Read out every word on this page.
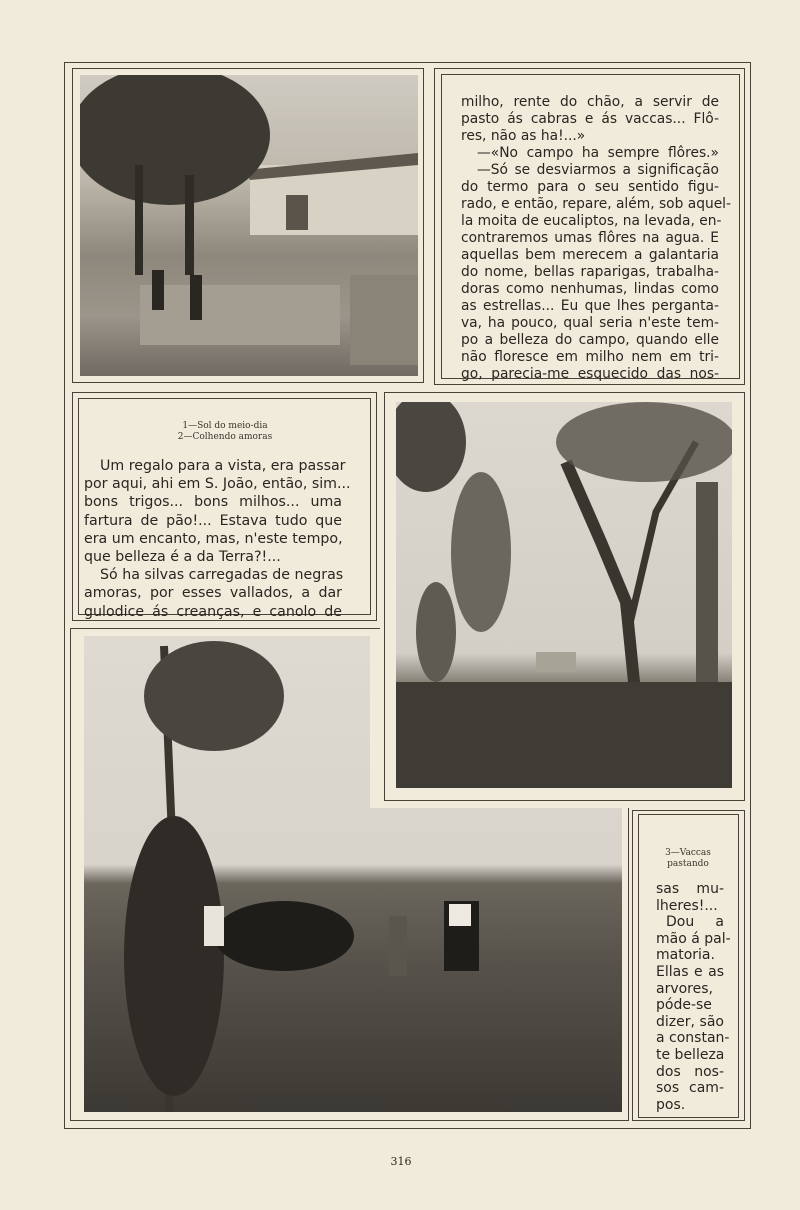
milho, rente do chão, a servir de
pasto ás cabras e ás vaccas... Flô-
res, não as ha!...»
—«No campo ha sempre flôres.»
—Só se desviarmos a significação
do termo para o seu sentido figu-
rado, e então, repare, além, sob aquel-
la moita de eucaliptos, na levada, en-
contraremos umas flôres na agua. E
aquellas bem merecem a galantaria
do nome, bellas raparigas, trabalha-
doras como nenhumas, lindas como
as estrellas... Eu que lhes perganta-
va, ha pouco, qual seria n'este tem-
po a belleza do campo, quando elle
não floresce em milho nem em tri-
go, parecia-me esquecido das nos-
1—Sol do meio-dia
2—Colhendo amoras
Um regalo para a vista, era passar
por aqui, ahi em S. João, então, sim...
bons trigos... bons milhos... uma
fartura de pão!... Estava tudo que
era um encanto, mas, n'este tempo,
que belleza é a da Terra?!...
Só ha silvas carregadas de negras
amoras, por esses vallados, a dar
gulodice ás creanças, e canolo de
3—Vaccas
pastando
sas mu-
lheres!...
Dou a
mão á pal-
matoria.
Ellas e as
arvores,
póde-se
dizer, são
a constan-
te belleza
dos nos-
sos cam-
pos.
316
